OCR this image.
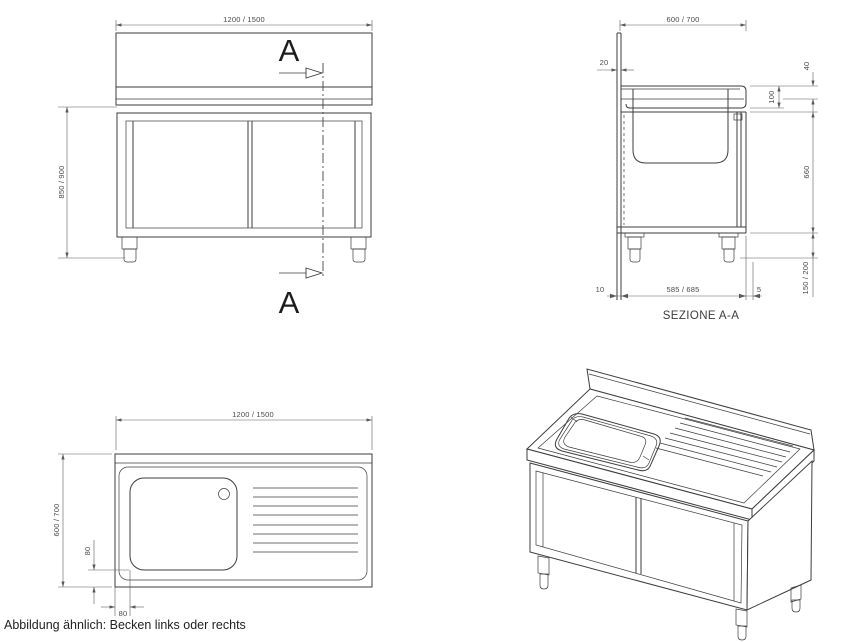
1200 / 1500
850 / 900
A
A
600 / 700
20
100
40
660
150 / 200
10	585 / 685	5
SEZIONE A-A
1200 / 1500
600 / 700
80
80
Abbildung ähnlich: Becken links oder rechts
